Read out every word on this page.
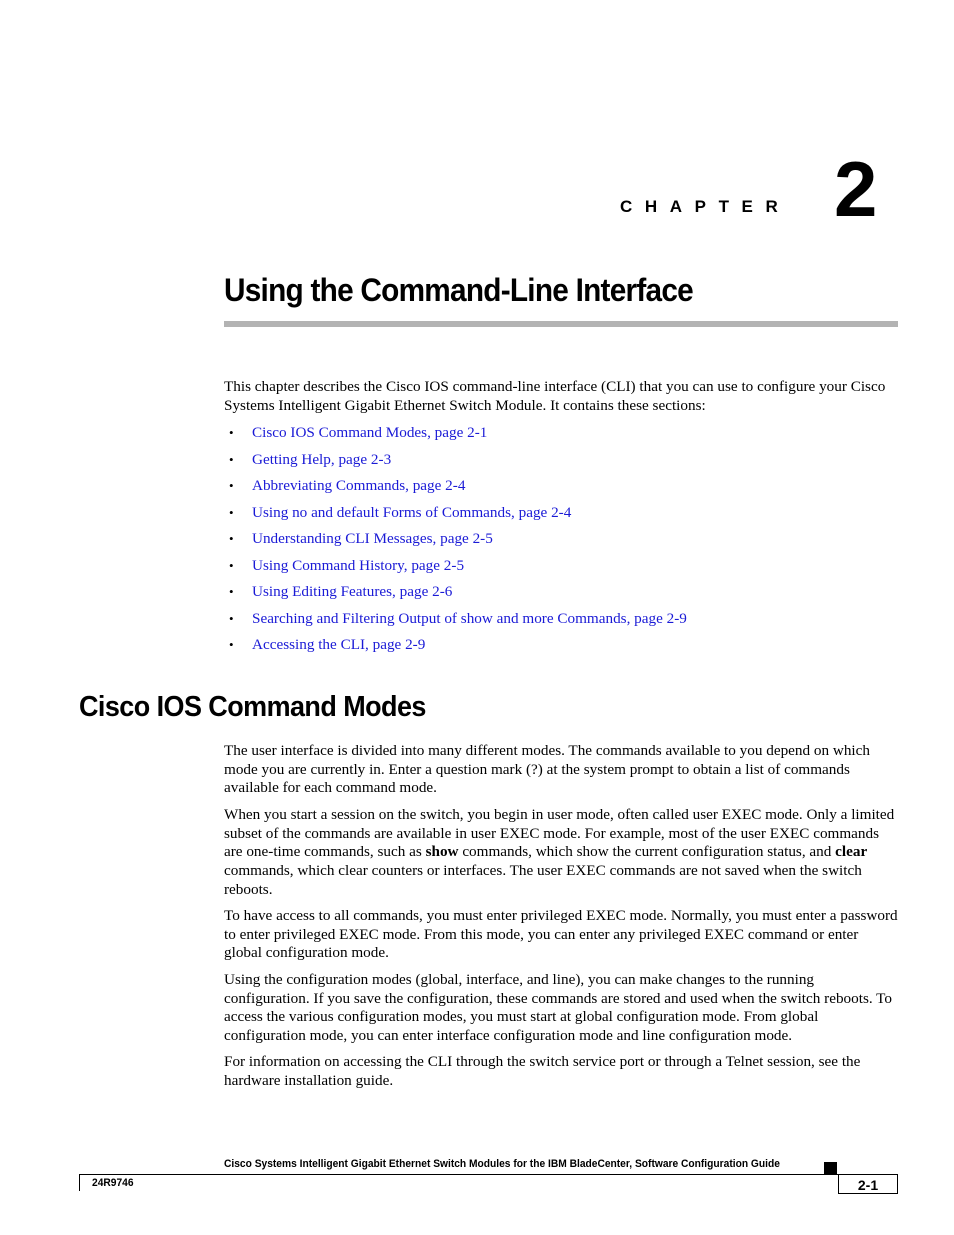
CHAPTER 2
Using the Command-Line Interface

This chapter describes the Cisco IOS command-line interface (CLI) that you can use to configure your Cisco Systems Intelligent Gigabit Ethernet Switch Module. It contains these sections:

• Cisco IOS Command Modes, page 2-1
• Getting Help, page 2-3
• Abbreviating Commands, page 2-4
• Using no and default Forms of Commands, page 2-4
• Understanding CLI Messages, page 2-5
• Using Command History, page 2-5
• Using Editing Features, page 2-6
• Searching and Filtering Output of show and more Commands, page 2-9
• Accessing the CLI, page 2-9
Cisco IOS Command Modes

The user interface is divided into many different modes. The commands available to you depend on which mode you are currently in. Enter a question mark (?) at the system prompt to obtain a list of commands available for each command mode.

When you start a session on the switch, you begin in user mode, often called user EXEC mode. Only a limited subset of the commands are available in user EXEC mode. For example, most of the user EXEC commands are one-time commands, such as show commands, which show the current configuration status, and clear commands, which clear counters or interfaces. The user EXEC commands are not saved when the switch reboots.

To have access to all commands, you must enter privileged EXEC mode. Normally, you must enter a password to enter privileged EXEC mode. From this mode, you can enter any privileged EXEC command or enter global configuration mode.

Using the configuration modes (global, interface, and line), you can make changes to the running configuration. If you save the configuration, these commands are stored and used when the switch reboots. To access the various configuration modes, you must start at global configuration mode. From global configuration mode, you can enter interface configuration mode and line configuration mode.

For information on accessing the CLI through the switch service port or through a Telnet session, see the hardware installation guide.

Cisco Systems Intelligent Gigabit Ethernet Switch Modules for the IBM BladeCenter, Software Configuration Guide
24R9746	2-1
